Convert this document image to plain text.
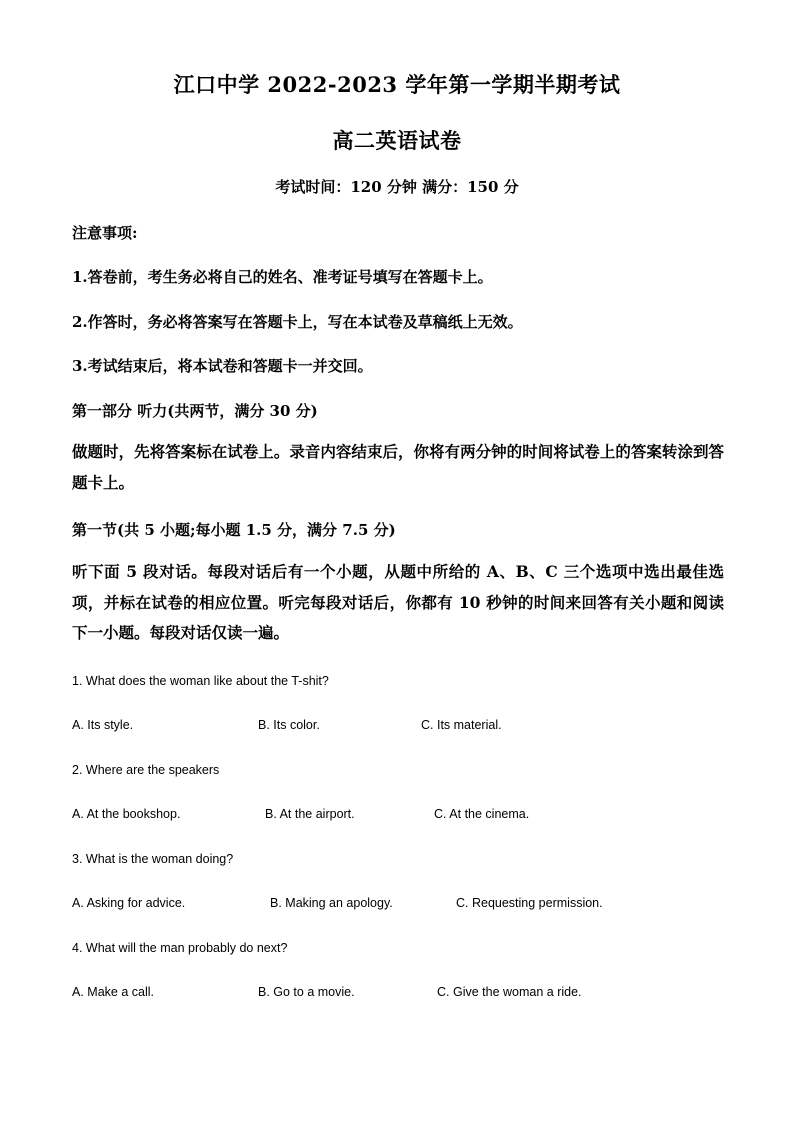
江口中学 2022-2023 学年第一学期半期考试
高二英语试卷
考试时间：120 分钟 满分：150 分
注意事项:
1.答卷前，考生务必将自己的姓名、准考证号填写在答题卡上。
2.作答时，务必将答案写在答题卡上，写在本试卷及草稿纸上无效。
3.考试结束后，将本试卷和答题卡一并交回。
第一部分 听力(共两节，满分 30 分)
做题时，先将答案标在试卷上。录音内容结束后，你将有两分钟的时间将试卷上的答案转涂到答题卡上。
第一节(共 5 小题;每小题 1.5 分，满分 7.5 分)
听下面 5 段对话。每段对话后有一个小题，从题中所给的 A、B、C 三个选项中选出最佳选项，并标在试卷的相应位置。听完每段对话后，你都有 10 秒钟的时间来回答有关小题和阅读下一小题。每段对话仅读一遍。
1. What does the woman like about the T-shit?
A. Its style.	B. Its color.	C. Its material.
2. Where are the speakers
A. At the bookshop.	B. At the airport.	C. At the cinema.
3. What is the woman doing?
A. Asking for advice.	B. Making an apology.	C. Requesting permission.
4. What will the man probably do next?
A. Make a call.	B. Go to a movie.	C. Give the woman a ride.
